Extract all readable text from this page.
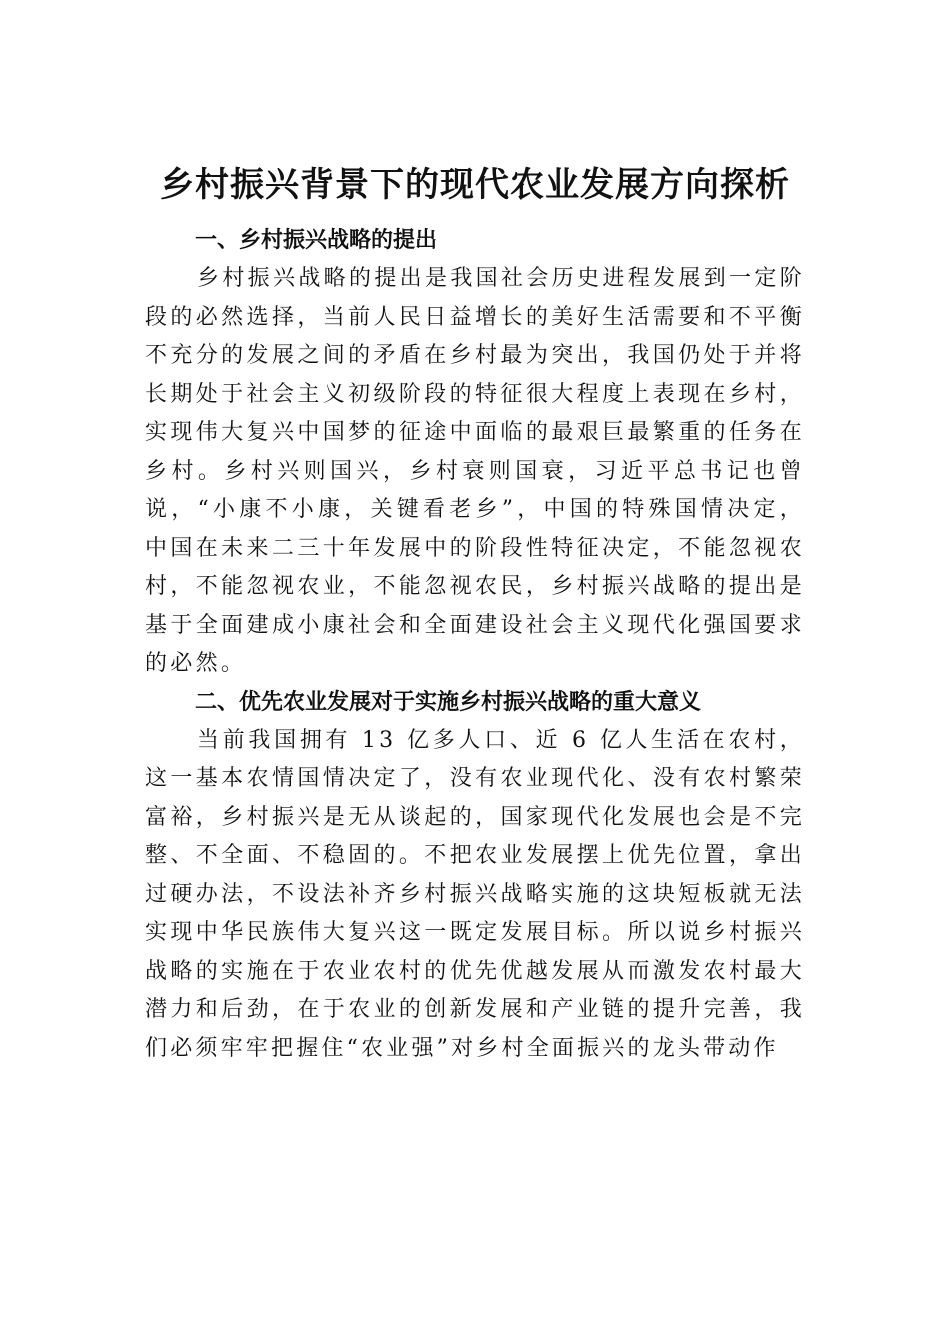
乡村振兴背景下的现代农业发展方向探析
一、乡村振兴战略的提出

乡村振兴战略的提出是我国社会历史进程发展到一定阶段的必然选择，当前人民日益增长的美好生活需要和不平衡不充分的发展之间的矛盾在乡村最为突出，我国仍处于并将长期处于社会主义初级阶段的特征很大程度上表现在乡村，实现伟大复兴中国梦的征途中面临的最艰巨最繁重的任务在乡村。乡村兴则国兴，乡村衰则国衰，习近平总书记也曾说，“小康不小康，关键看老乡”，中国的特殊国情决定，中国在未来二三十年发展中的阶段性特征决定，不能忽视农村，不能忽视农业，不能忽视农民，乡村振兴战略的提出是基于全面建成小康社会和全面建设社会主义现代化强国要求的必然。

二、优先农业发展对于实施乡村振兴战略的重大意义

当前我国拥有 13 亿多人口、近 6 亿人生活在农村，这一基本农情国情决定了，没有农业现代化、没有农村繁荣富裕，乡村振兴是无从谈起的，国家现代化发展也会是不完整、不全面、不稳固的。不把农业发展摆上优先位置，拿出过硬办法，不设法补齐乡村振兴战略实施的这块短板就无法实现中华民族伟大复兴这一既定发展目标。所以说乡村振兴战略的实施在于农业农村的优先优越发展从而激发农村最大潜力和后劲，在于农业的创新发展和产业链的提升完善，我们必须牢牢把握住“农业强”对乡村全面振兴的龙头带动作
